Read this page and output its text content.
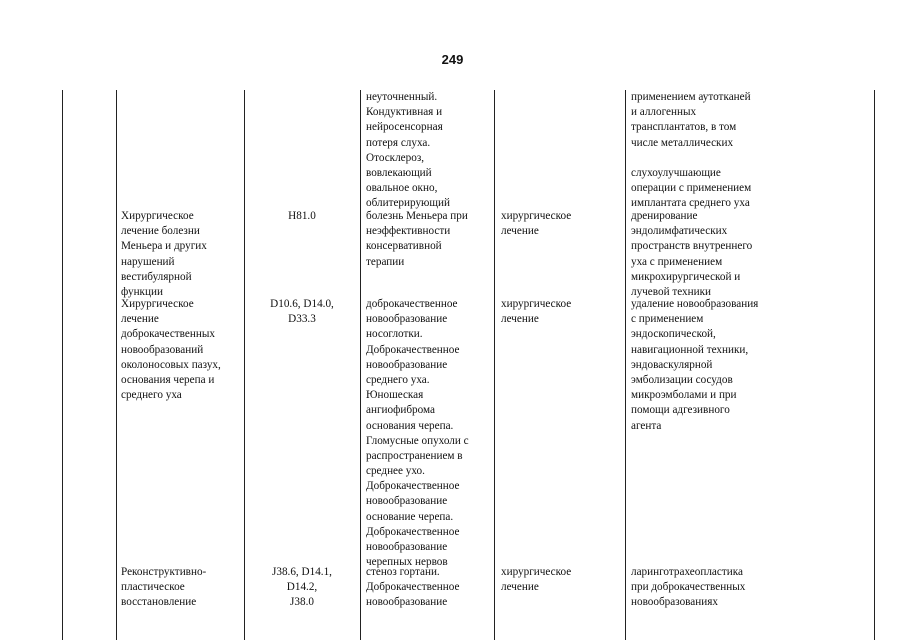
249
неуточненный.
Кондуктивная и
нейросенсорная
потеря слуха.
Отосклероз,
вовлекающий
овальное окно,
облитерирующий
применением аутотканей
и аллогенных
трансплантатов, в том
числе металлических
слухоулучшающие
операции с применением
имплантата среднего уха
Хирургическое
лечение болезни
Меньера и других
нарушений
вестибулярной
функции
H81.0	болезнь Меньера при
неэффективности
консервативной
терапии
хирургическое
лечение
дренирование
эндолимфатических
пространств внутреннего
уха с применением
микрохирургической и
лучевой техники
Хирургическое
лечение
доброкачественных
новообразований
околоносовых пазух,
основания черепа и
среднего уха
D10.6, D14.0,
D33.3
доброкачественное
новообразование
носоглотки.
Доброкачественное
новообразование
среднего уха.
Юношеская
ангиофиброма
основания черепа.
Гломусные опухоли с
распространением в
среднее ухо.
Доброкачественное
новообразование
основание черепа.
Доброкачественное
новообразование
черепных нервов
хирургическое
лечение
удаление новообразования
с применением
эндоскопической,
навигационной техники,
эндоваскулярной
эмболизации сосудов
микроэмболами и при
помощи адгезивного
агента
Реконструктивно-
пластическое
восстановление
J38.6, D14.1,
D14.2,
J38.0
стеноз гортани.
Доброкачественное
новообразование
хирургическое
лечение
ларинготрахеопластика
при доброкачественных
новообразованиях
